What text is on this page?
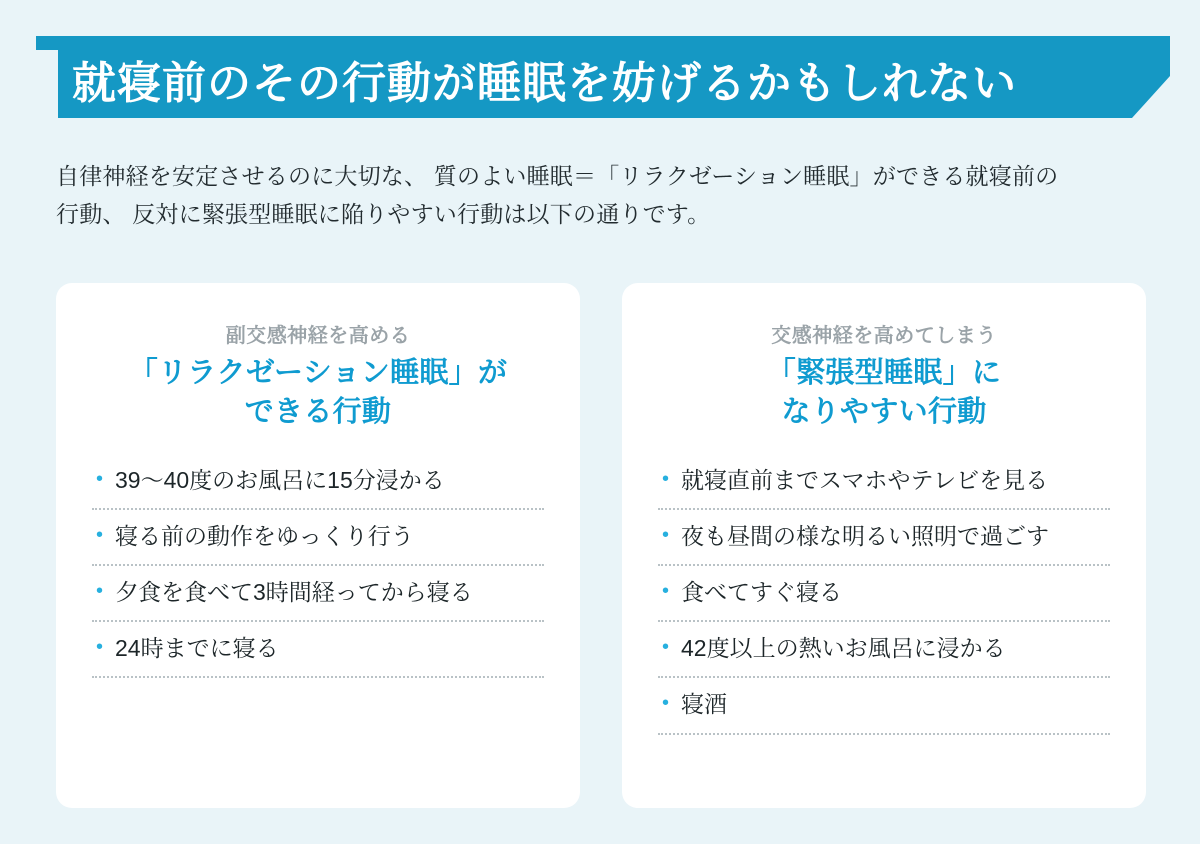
就寝前のその行動が睡眠を妨げるかもしれない
自律神経を安定させるのに大切な、 質のよい睡眠＝「リラクゼーション睡眠」ができる就寝前の
行動、 反対に緊張型睡眠に陥りやすい行動は以下の通りです。
副交感神経を高める
「リラクゼーション睡眠」が
できる行動
• 39〜40度のお風呂に15分浸かる
• 寝る前の動作をゆっくり行う
• 夕食を食べて3時間経ってから寝る
• 24時までに寝る
交感神経を高めてしまう
「緊張型睡眠」に
なりやすい行動
• 就寝直前までスマホやテレビを見る
• 夜も昼間の様な明るい照明で過ごす
• 食べてすぐ寝る
• 42度以上の熱いお風呂に浸かる
• 寝酒
